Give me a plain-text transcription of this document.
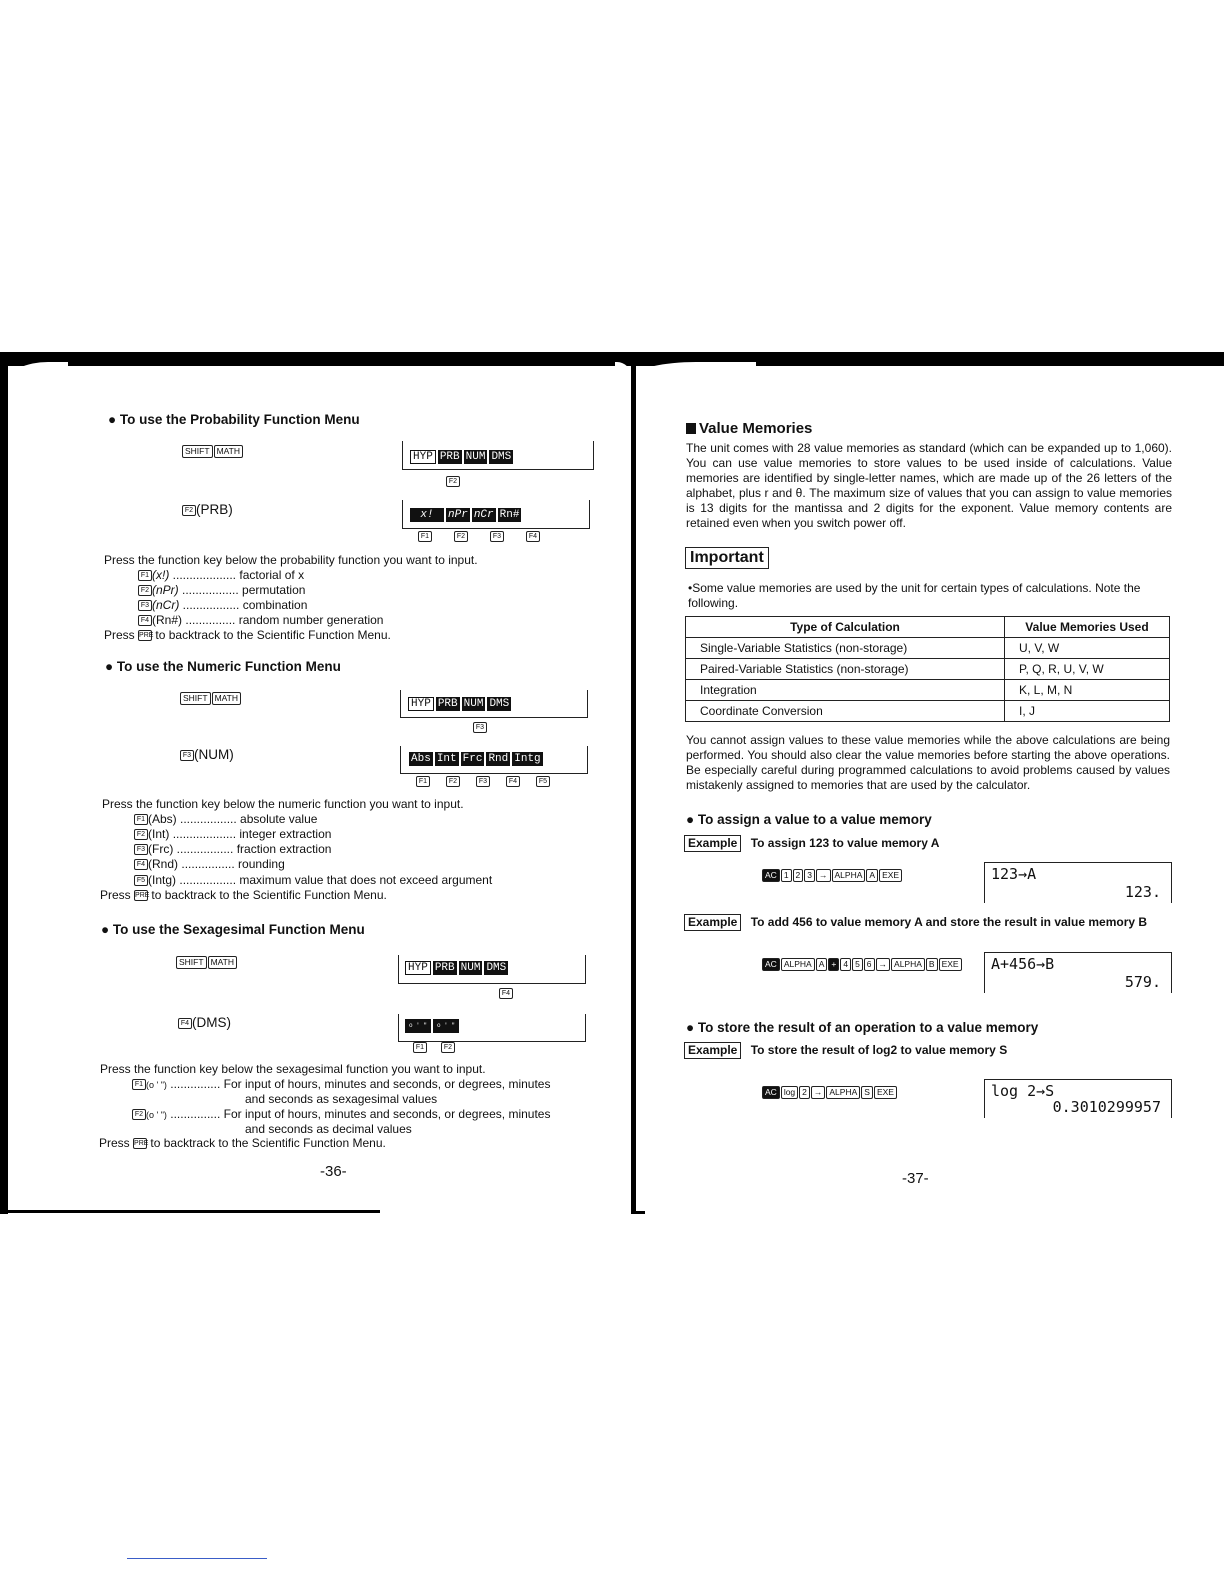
● To use the Probability Function Menu
SHIFT MATH	HYP PRB NUM DMS
F2
F2 (PRB)	x!	nPr nCr Rn#
F1	F2	F3	F4
Press the function key below the probability function you want to input.
F1 (x!) ................... factorial of x
F2 (nPr) ................. permutation
F3 (nCr) ................. combination
F4 (Rn#) ............... random number generation
Press PRE to backtrack to the Scientific Function Menu.
● To use the Numeric Function Menu
SHIFT MATH	HYP PRB NUM DMS
F3
F3 (NUM)	Abs Int Frc Rnd Intg
F1	F2	F3	F4	F5
Press the function key below the numeric function you want to input.
F1 (Abs) ................. absolute value
F2 (Int) ................... integer extraction
F3 (Frc) ................. fraction extraction
F4 (Rnd) ................ rounding
F5 (Intg) ................. maximum value that does not exceed argument
Press PRE to backtrack to the Scientific Function Menu.
● To use the Sexagesimal Function Menu
SHIFT MATH	HYP PRB NUM DMS
F4
F4 (DMS)	o ' "	o ' "
F1	F2
Press the function key below the sexagesimal function you want to input.
F1 (o ' ") ............... For input of hours, minutes and seconds, or degrees, minutes
and seconds as sexagesimal values
F2 (o ' ") ............... For input of hours, minutes and seconds, or degrees, minutes
and seconds as decimal values
Press PRE to backtrack to the Scientific Function Menu.
-36-
Value Memories
The unit comes with 28 value memories as standard (which can be expanded up to 1,060). You can use value memories to store values to be used inside of calculations. Value memories are identified by single-letter names, which are made up of the 26 letters of the alphabet, plus r and θ. The maximum size of values that you can assign to value memories is 13 digits for the mantissa and 2 digits for the exponent. Value memory contents are retained even when you switch power off.
Important
•Some value memories are used by the unit for certain types of calculations. Note the following.
Type of Calculation	Value Memories Used
Single-Variable Statistics (non-storage)	U, V, W
Paired-Variable Statistics (non-storage)	P, Q, R, U, V, W
Integration	K, L, M, N
Coordinate Conversion	I, J
You cannot assign values to these value memories while the above calculations are being performed. You should also clear the value memories before starting the above operations. Be especially careful during programmed calculations to avoid problems caused by values mistakenly assigned to memories that are used by the calculator.
● To assign a value to a value memory
Example To assign 123 to value memory A
AC 1 2 3 → ALPHA A EXE	123→A
123.
Example To add 456 to value memory A and store the result in value memory B
AC ALPHA A + 4 5 6 → ALPHA B EXE A+456→B
579.
● To store the result of an operation to a value memory
Example To store the result of log2 to value memory S
AC log 2 → ALPHA S EXE	log 2→S
0.3010299957
-37-
